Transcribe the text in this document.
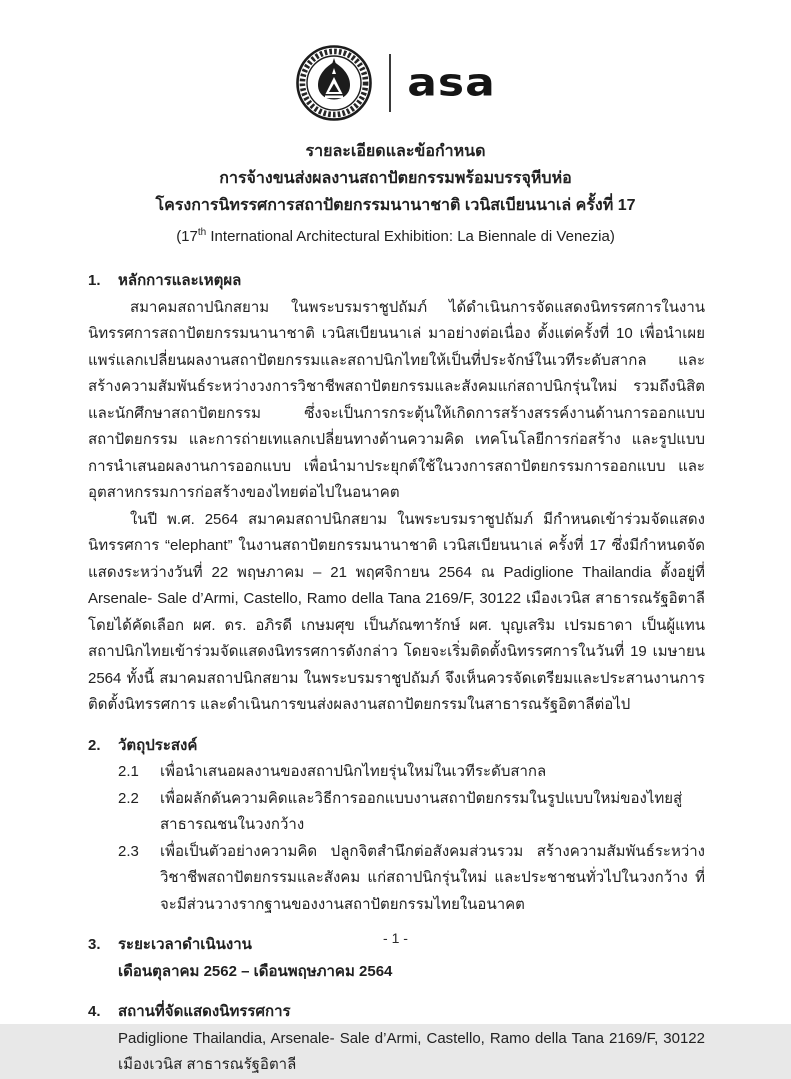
asa
รายละเอียดและข้อกำหนด
การจ้างขนส่งผลงานสถาปัตยกรรมพร้อมบรรจุหีบห่อ
โครงการนิทรรศการสถาปัตยกรรมนานาชาติ เวนิสเบียนนาเล่ ครั้งที่ 17
(17th International Architectural Exhibition: La Biennale di Venezia)
1.	หลักการและเหตุผล

สมาคมสถาปนิกสยาม ในพระบรมราชูปถัมภ์ ได้ดำเนินการจัดแสดงนิทรรศการในงานนิทรรศการสถาปัตยกรรมนานาชาติ เวนิสเบียนนาเล่ มาอย่างต่อเนื่อง ตั้งแต่ครั้งที่ 10 เพื่อนำเผยแพร่แลกเปลี่ยนผลงานสถาปัตยกรรมและสถาปนิกไทยให้เป็นที่ประจักษ์ในเวทีระดับสากล และสร้างความสัมพันธ์ระหว่างวงการวิชาชีพสถาปัตยกรรมและสังคมแก่สถาปนิกรุ่นใหม่ รวมถึงนิสิตและนักศึกษาสถาปัตยกรรม ซึ่งจะเป็นการกระตุ้นให้เกิดการสร้างสรรค์งานด้านการออกแบบสถาปัตยกรรม และการถ่ายเทแลกเปลี่ยนทางด้านความคิด เทคโนโลยีการก่อสร้าง และรูปแบบการนำเสนอผลงานการออกแบบ เพื่อนำมาประยุกต์ใช้ในวงการสถาปัตยกรรมการออกแบบ และอุตสาหกรรมการก่อสร้างของไทยต่อไปในอนาคต

ในปี พ.ศ. 2564 สมาคมสถาปนิกสยาม ในพระบรมราชูปถัมภ์ มีกำหนดเข้าร่วมจัดแสดงนิทรรศการ “elephant” ในงานสถาปัตยกรรมนานาชาติ เวนิสเบียนนาเล่ ครั้งที่ 17 ซึ่งมีกำหนดจัดแสดงระหว่างวันที่ 22 พฤษภาคม – 21 พฤศจิกายน 2564 ณ Padiglione Thailandia ตั้งอยู่ที่ Arsenale- Sale d’Armi, Castello, Ramo della Tana 2169/F, 30122 เมืองเวนิส สาธารณรัฐอิตาลี โดยได้คัดเลือก ผศ. ดร. อภิรดี เกษมศุข เป็นภัณฑารักษ์ ผศ. บุญเสริม เปรมธาดา เป็นผู้แทนสถาปนิกไทยเข้าร่วมจัดแสดงนิทรรศการดังกล่าว โดยจะเริ่มติดตั้งนิทรรศการในวันที่ 19 เมษายน 2564 ทั้งนี้ สมาคมสถาปนิกสยาม ในพระบรมราชูปถัมภ์ จึงเห็นควรจัดเตรียมและประสานงานการติดตั้งนิทรรศการ และดำเนินการขนส่งผลงานสถาปัตยกรรมในสาธารณรัฐอิตาลีต่อไป

2.	วัตถุประสงค์
2.1	เพื่อนำเสนอผลงานของสถาปนิกไทยรุ่นใหม่ในเวทีระดับสากล
2.2	เพื่อผลักดันความคิดและวิธีการออกแบบงานสถาปัตยกรรมในรูปแบบใหม่ของไทยสู่สาธารณชนในวงกว้าง
2.3	เพื่อเป็นตัวอย่างความคิด ปลูกจิตสำนึกต่อสังคมส่วนรวม สร้างความสัมพันธ์ระหว่างวิชาชีพสถาปัตยกรรมและสังคม แก่สถาปนิกรุ่นใหม่ และประชาชนทั่วไปในวงกว้าง ที่จะมีส่วนวางรากฐานของงานสถาปัตยกรรมไทยในอนาคต
3.	ระยะเวลาดำเนินงาน
เดือนตุลาคม 2562 – เดือนพฤษภาคม 2564
4.	สถานที่จัดแสดงนิทรรศการ
Padiglione Thailandia, Arsenale- Sale d’Armi, Castello, Ramo della Tana 2169/F, 30122 เมืองเวนิส สาธารณรัฐอิตาลี
- 1 -
